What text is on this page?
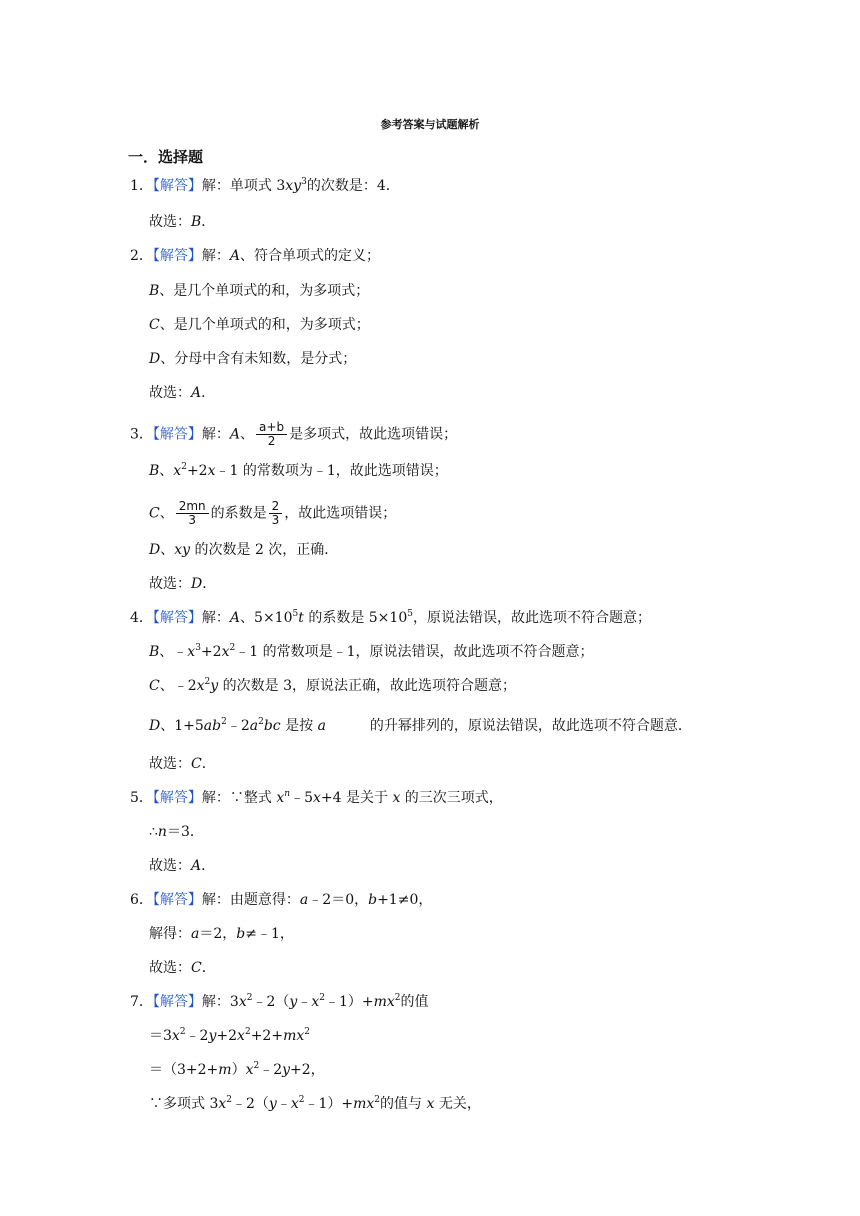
参考答案与试题解析
一．选择题
1．【解答】解：单项式 $3xy^3$的次数是：4．
故选：B．
2．【解答】解：A、符合单项式的定义；
B、是几个单项式的和，为多项式；
C、是几个单项式的和，为多项式；
D、分母中含有未知数，是分式；
故选：A．
3．【解答】解：A、 $\frac{a+b}{2}$ 是多项式，故此选项错误；
B、$x^2+2x﹣1$ 的常数项为﹣1，故此选项错误；
C、 $\frac{2mn}{3}$ 的系数是 $\frac{2}{3}$ ，故此选项错误；
D、xy 的次数是 2 次，正确．
故选：D．
4．【解答】解：A、$5\times 10^5t$ 的系数是 $5\times 10^5$，原说法错误，故此选项不符合题意；
B、$﹣x^3+2x^2﹣1$ 的常数项是﹣1，原说法错误，故此选项不符合题意；
C、$﹣2x^2y$ 的次数是 3，原说法正确，故此选项符合题意；
D、$1+5ab^2﹣2a^2bc$ 是按 a	的升幂排列的，原说法错误，故此选项不符合题意．
故选：C．
5．【解答】解：∵整式 $x^n﹣5x+4$ 是关于 x 的三次三项式，
∴n＝3．
故选：A．
6．【解答】解：由题意得：a﹣2＝0，b+1≠0，
解得：a＝2，b≠﹣1，
故选：C．
7．【解答】解：$3x^2﹣2(y﹣x^2﹣1)+mx^2$的值
$=3x^2﹣2y+2x^2+2+mx^2$
$=(3+2+m)x^2﹣2y+2$，
∵多项式 $3x^2﹣2(y﹣x^2﹣1)+mx^2$的值与 x 无关，
